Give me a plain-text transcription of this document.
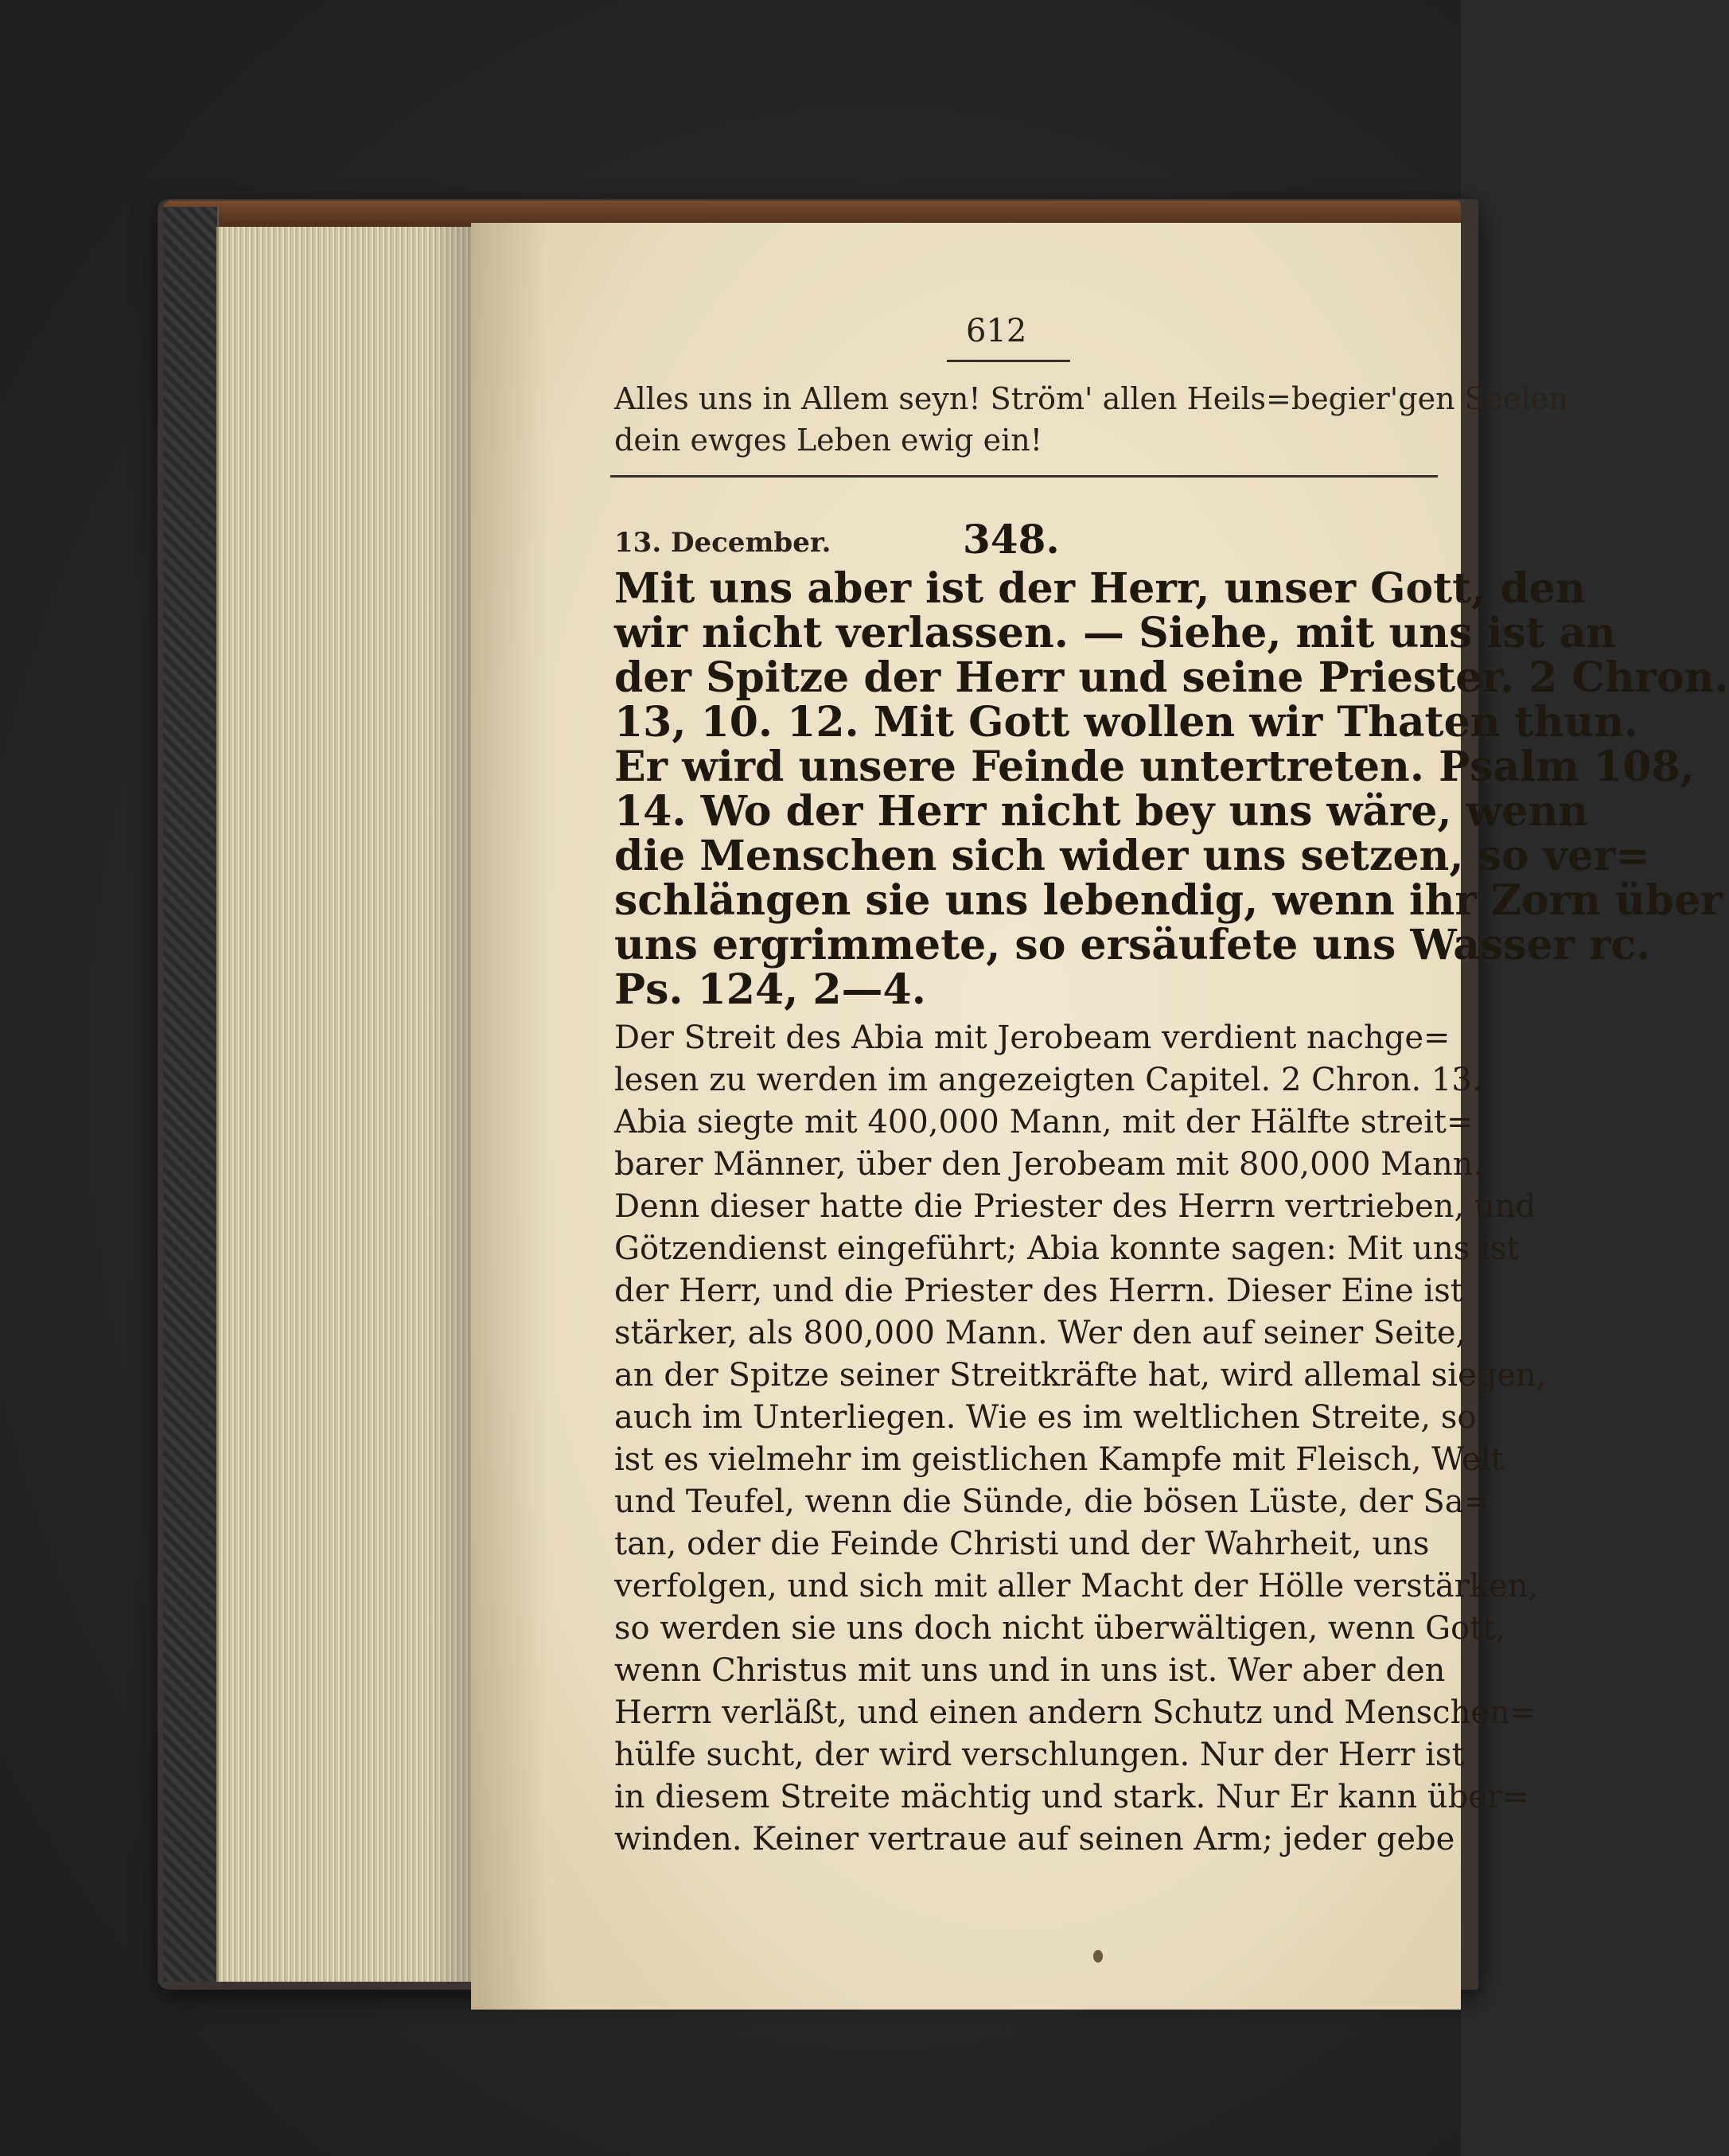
612
Alles uns in Allem seyn! Ström' allen Heils=begier'gen Seelen
dein ewges Leben ewig ein!
13. December.	348.
Mit uns aber ist der Herr, unser Gott, den
wir nicht verlassen. — Siehe, mit uns ist an
der Spitze der Herr und seine Priester. 2 Chron.
13, 10. 12. Mit Gott wollen wir Thaten thun.
Er wird unsere Feinde untertreten. Psalm 108,
14. Wo der Herr nicht bey uns wäre, wenn
die Menschen sich wider uns setzen, so ver=
schlängen sie uns lebendig, wenn ihr Zorn über
uns ergrimmete, so ersäufete uns Wasser rc.
Ps. 124, 2—4.
Der Streit des Abia mit Jerobeam verdient nachge=
lesen zu werden im angezeigten Capitel. 2 Chron. 13.
Abia siegte mit 400,000 Mann, mit der Hälfte streit=
barer Männer, über den Jerobeam mit 800,000 Mann.
Denn dieser hatte die Priester des Herrn vertrieben, und
Götzendienst eingeführt; Abia konnte sagen: Mit uns ist
der Herr, und die Priester des Herrn. Dieser Eine ist
stärker, als 800,000 Mann. Wer den auf seiner Seite,
an der Spitze seiner Streitkräfte hat, wird allemal siegen,
auch im Unterliegen. Wie es im weltlichen Streite, so
ist es vielmehr im geistlichen Kampfe mit Fleisch, Welt
und Teufel, wenn die Sünde, die bösen Lüste, der Sa=
tan, oder die Feinde Christi und der Wahrheit, uns
verfolgen, und sich mit aller Macht der Hölle verstärken,
so werden sie uns doch nicht überwältigen, wenn Gott,
wenn Christus mit uns und in uns ist. Wer aber den
Herrn verläßt, und einen andern Schutz und Menschen=
hülfe sucht, der wird verschlungen. Nur der Herr ist
in diesem Streite mächtig und stark. Nur Er kann über=
winden. Keiner vertraue auf seinen Arm; jeder gebe
